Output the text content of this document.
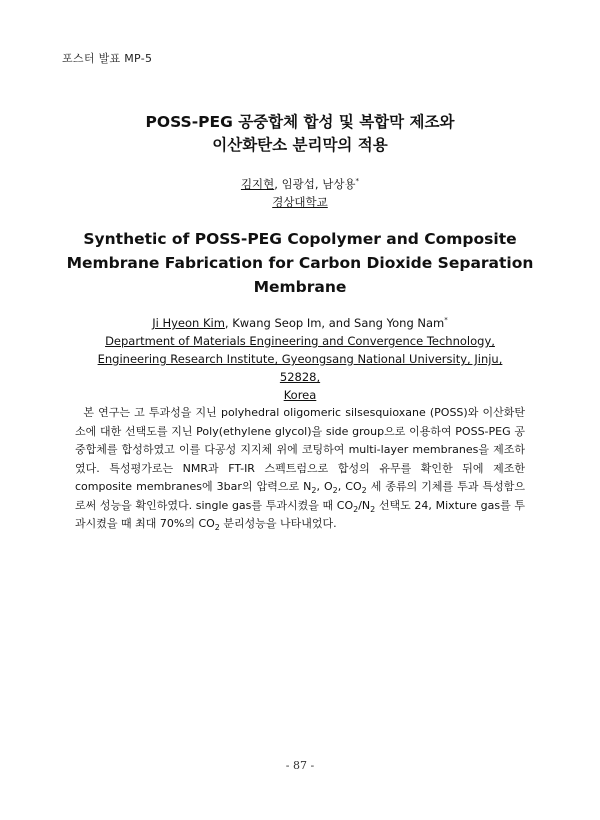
포스터 발표 MP-5
POSS-PEG 공중합체 합성 및 복합막 제조와
이산화탄소 분리막의 적용
김지현, 임광섭, 남상용*
경상대학교
Synthetic of POSS-PEG Copolymer and Composite
Membrane Fabrication for Carbon Dioxide Separation
Membrane
Ji Hyeon Kim, Kwang Seop Im, and Sang Yong Nam*
Department of Materials Engineering and Convergence Technology,
Engineering Research Institute, Gyeongsang National University, Jinju, 52828,
Korea
본 연구는 고 투과성을 지닌 polyhedral oligomeric silsesquioxane (POSS)와 이산화탄소에 대한 선택도를 지닌 Poly(ethylene glycol)을 side group으로 이용하여 POSS-PEG 공중합체를 합성하였고 이를 다공성 지지체 위에 코팅하여 multi-layer membranes을 제조하였다. 특성평가로는 NMR과 FT-IR 스펙트럼으로 합성의 유무를 확인한 뒤에 제조한 composite membranes에 3bar의 압력으로 $N_2$, $O_2$, $CO_2$ 세 종류의 기체를 투과 특성함으로써 성능을 확인하였다. single gas를 투과시켰을 때 $CO_2/N_2$ 선택도 24, Mixture gas를 투과시켰을 때 최대 70%의 $CO_2$ 분리성능을 나타내었다.
- 87 -
